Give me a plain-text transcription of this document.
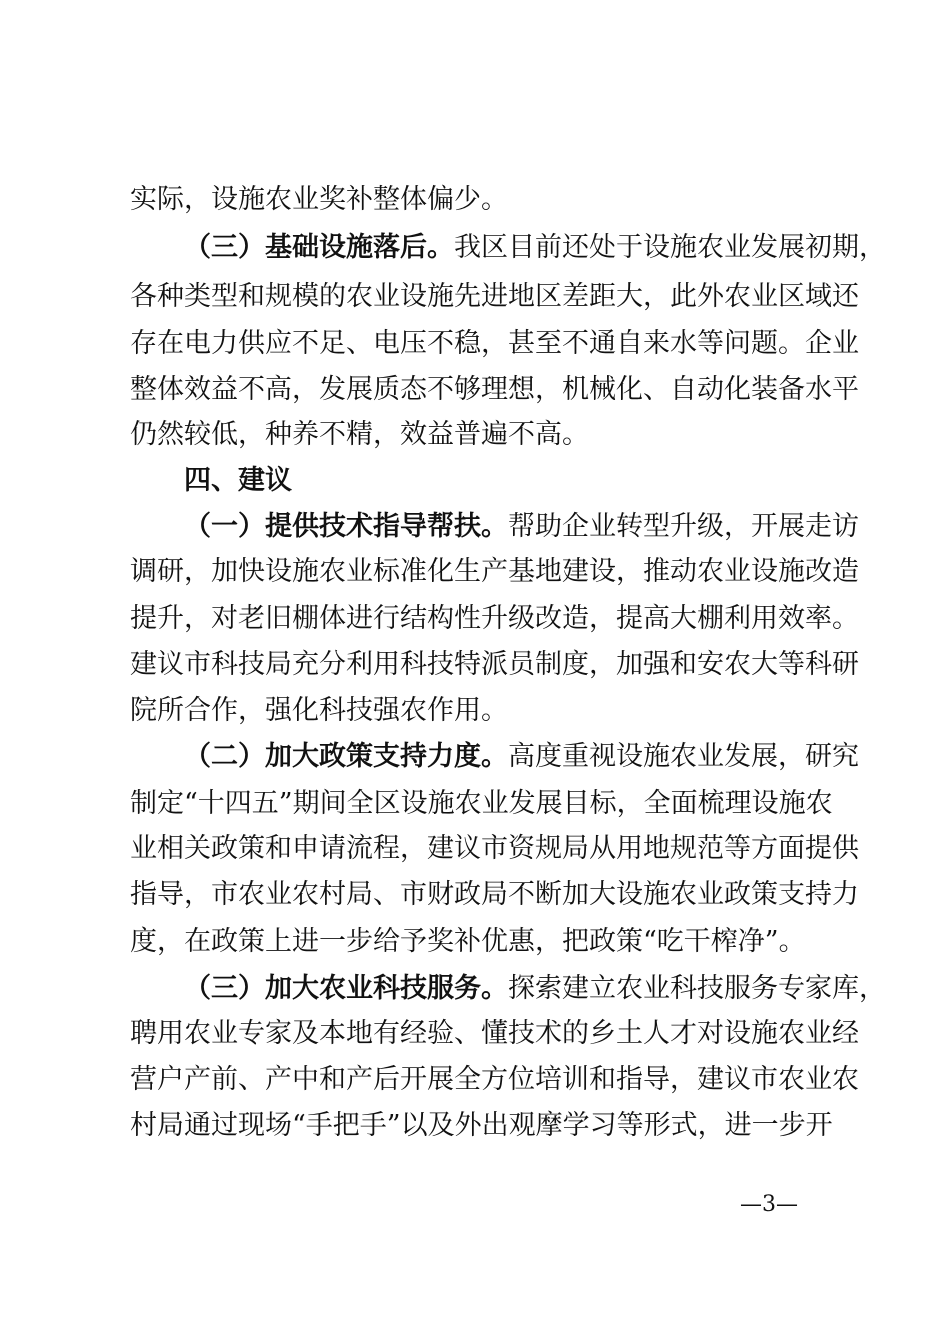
实际，设施农业奖补整体偏少。
（三）基础设施落后。我区目前还处于设施农业发展初期，
各种类型和规模的农业设施先进地区差距大，此外农业区域还
存在电力供应不足、电压不稳，甚至不通自来水等问题。企业
整体效益不高，发展质态不够理想，机械化、自动化装备水平
仍然较低，种养不精，效益普遍不高。
四、建议
（一）提供技术指导帮扶。帮助企业转型升级，开展走访
调研，加快设施农业标准化生产基地建设，推动农业设施改造
提升，对老旧棚体进行结构性升级改造，提高大棚利用效率。
建议市科技局充分利用科技特派员制度，加强和安农大等科研
院所合作，强化科技强农作用。
（二）加大政策支持力度。高度重视设施农业发展，研究
制定“十四五”期间全区设施农业发展目标，全面梳理设施农
业相关政策和申请流程，建议市资规局从用地规范等方面提供
指导，市农业农村局、市财政局不断加大设施农业政策支持力
度，在政策上进一步给予奖补优惠，把政策“吃干榨净”。
（三）加大农业科技服务。探索建立农业科技服务专家库，
聘用农业专家及本地有经验、懂技术的乡土人才对设施农业经
营户产前、产中和产后开展全方位培训和指导，建议市农业农
村局通过现场“手把手”以及外出观摩学习等形式，进一步开
—3—
